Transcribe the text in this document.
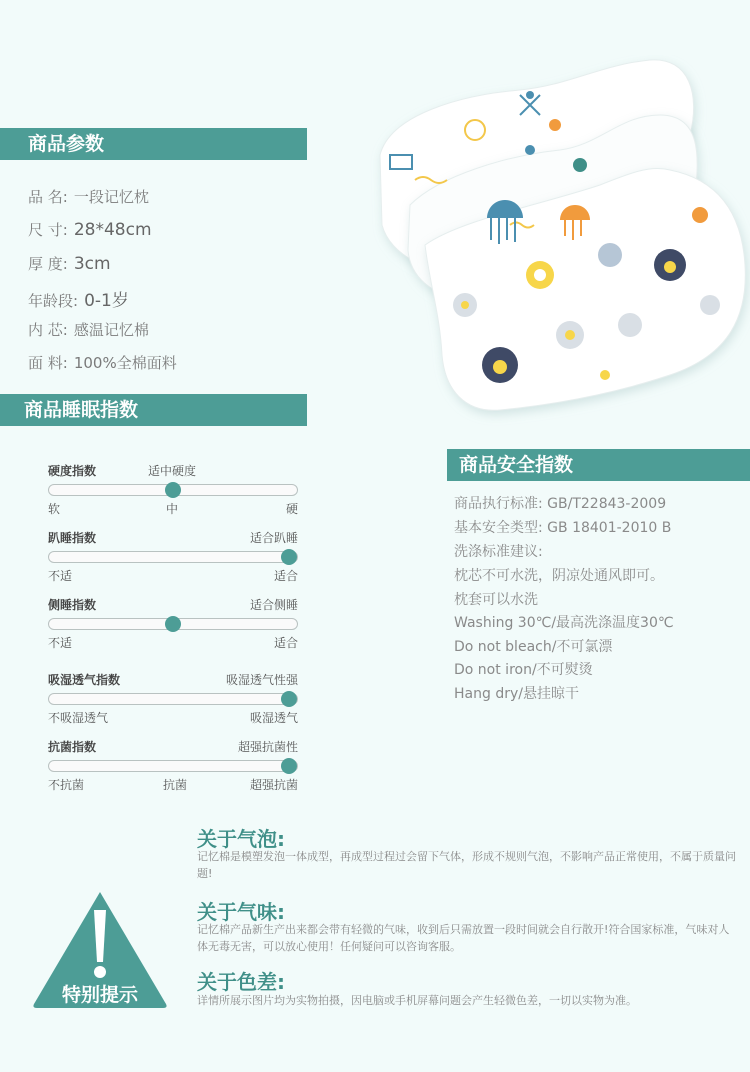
商品参数
品 名: 一段记忆枕
尺 寸: 28*48cm
厚 度: 3cm
年龄段: 0-1岁
内 芯: 感温记忆棉
面 料: 100%全棉面料
商品睡眠指数
硬度指数	适中硬度
软	中	硬
趴睡指数	适合趴睡
不适	适合
侧睡指数	适合侧睡
不适	适合
吸湿透气指数	吸湿透气性强
不吸湿透气	吸湿透气
抗菌指数	超强抗菌性
不抗菌	抗菌	超强抗菌
商品安全指数
商品执行标准: GB/T22843-2009
基本安全类型: GB 18401-2010 B
洗涤标准建议:
枕芯不可水洗，阴凉处通风即可。
枕套可以水洗
Washing 30℃/最高洗涤温度30℃
Do not bleach/不可氯漂
Do not iron/不可熨烫
Hang dry/悬挂晾干
特别提示
关于气泡:
记忆棉是模塑发泡一体成型，再成型过程过会留下气体，形成不规则气泡，不影响产品正常使用，不属于质量问题!
关于气味:
记忆棉产品新生产出来都会带有轻微的气味，收到后只需放置一段时间就会自行散开!符合国家标准，气味对人体无毒无害，可以放心使用！任何疑问可以咨询客服。
关于色差:
详情所展示图片均为实物拍摄，因电脑或手机屏幕问题会产生轻微色差，一切以实物为准。
